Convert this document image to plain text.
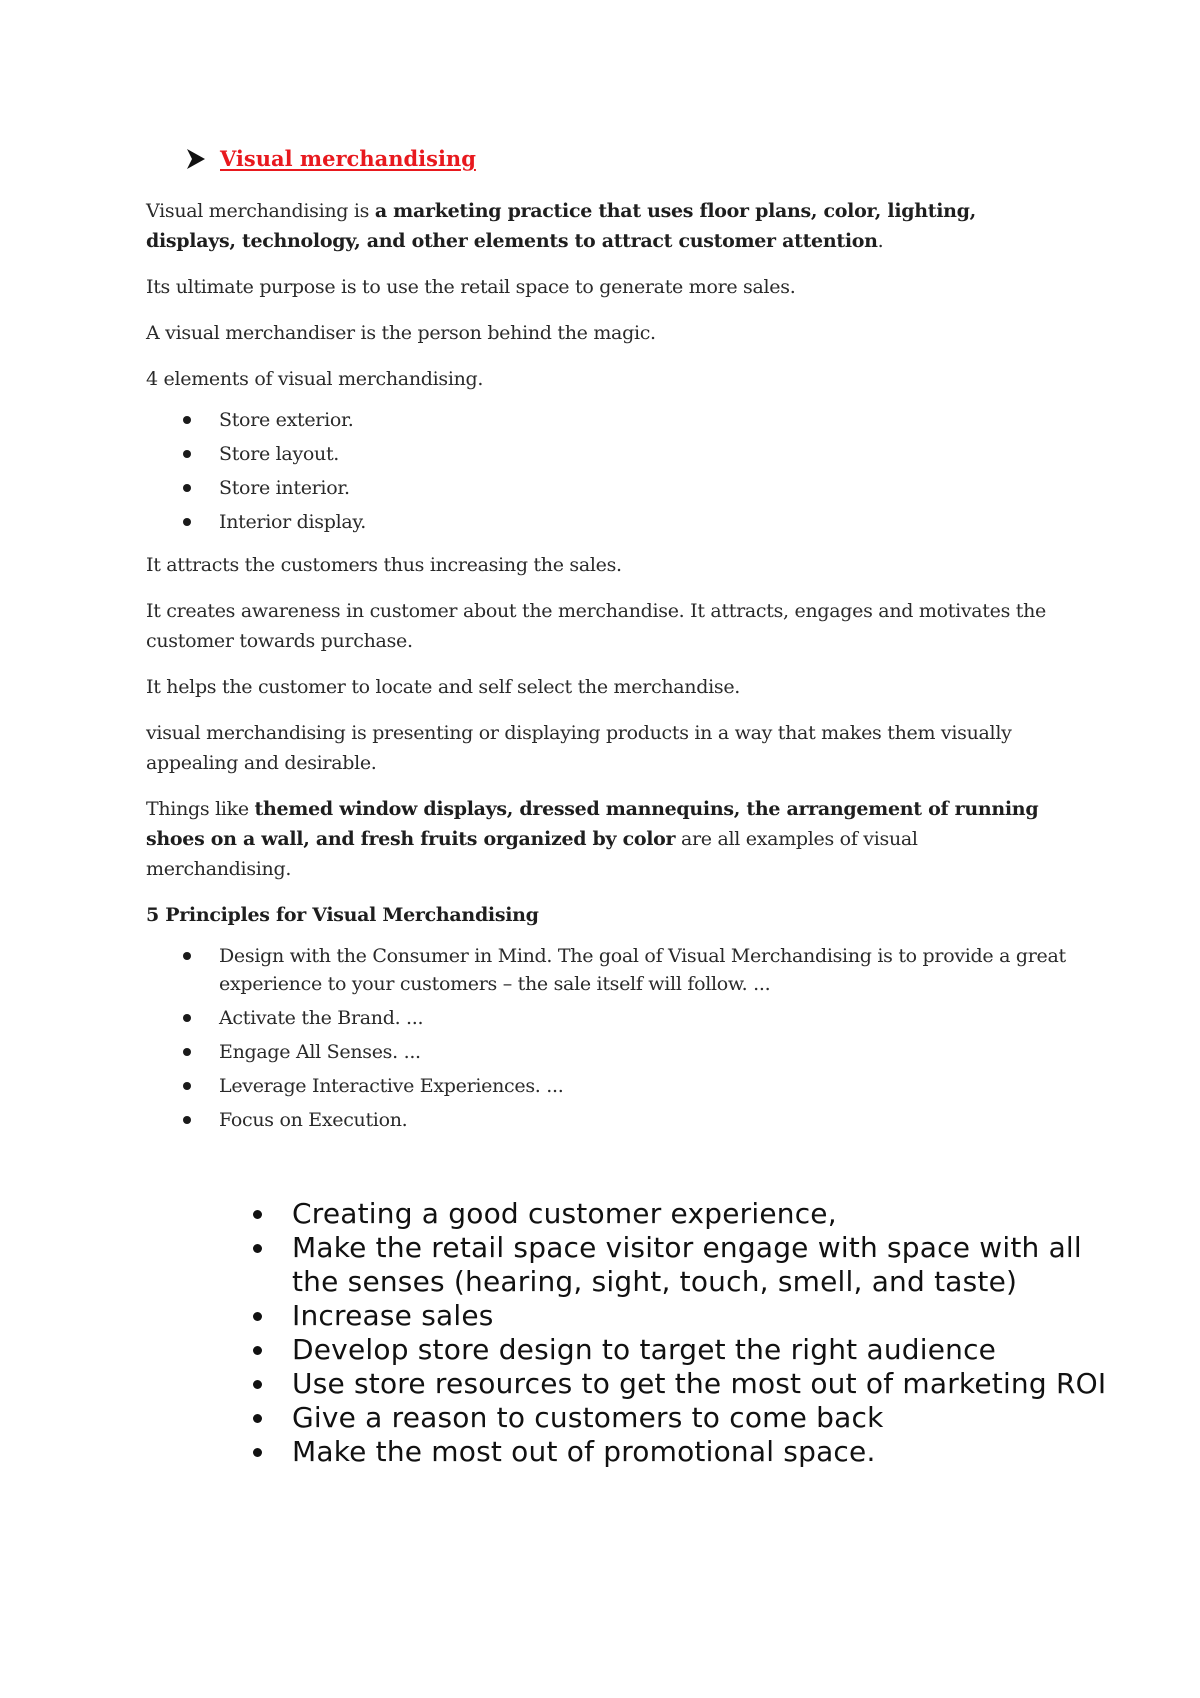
Visual merchandising

Visual merchandising is a marketing practice that uses floor plans, color, lighting, displays, technology, and other elements to attract customer attention.

Its ultimate purpose is to use the retail space to generate more sales.

A visual merchandiser is the person behind the magic.

4 elements of visual merchandising.

Store exterior.
Store layout.
Store interior.
Interior display.

It attracts the customers thus increasing the sales.

It creates awareness in customer about the merchandise. It attracts, engages and motivates the customer towards purchase.

It helps the customer to locate and self select the merchandise.

visual merchandising is presenting or displaying products in a way that makes them visually appealing and desirable.

Things like themed window displays, dressed mannequins, the arrangement of running shoes on a wall, and fresh fruits organized by color are all examples of visual merchandising.

5 Principles for Visual Merchandising

Design with the Consumer in Mind. The goal of Visual Merchandising is to provide a great experience to your customers – the sale itself will follow. ...
Activate the Brand. ...
Engage All Senses. ...
Leverage Interactive Experiences. ...
Focus on Execution.
Creating a good customer experience,
Make the retail space visitor engage with space with all the senses (hearing, sight, touch, smell, and taste)
Increase sales
Develop store design to target the right audience
Use store resources to get the most out of marketing ROI
Give a reason to customers to come back
Make the most out of promotional space.
